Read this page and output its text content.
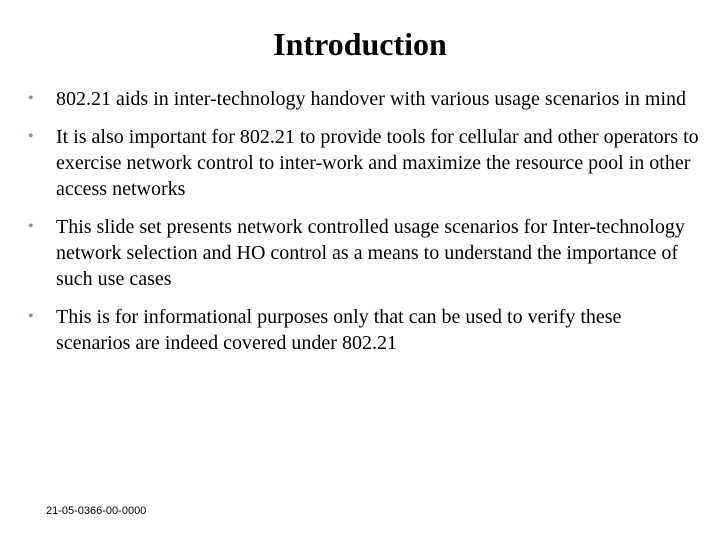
Introduction
•	802.21 aids in inter-technology handover with various usage scenarios in mind
•	It is also important for 802.21 to provide tools for cellular and other operators to exercise network control to inter-work and maximize the resource pool in other access networks
•	This slide set presents network controlled usage scenarios for Inter-technology network selection and HO control as a means to understand the importance of such use cases
•	This is for informational purposes only that can be used to verify these scenarios are indeed covered under 802.21
21-05-0366-00-0000
